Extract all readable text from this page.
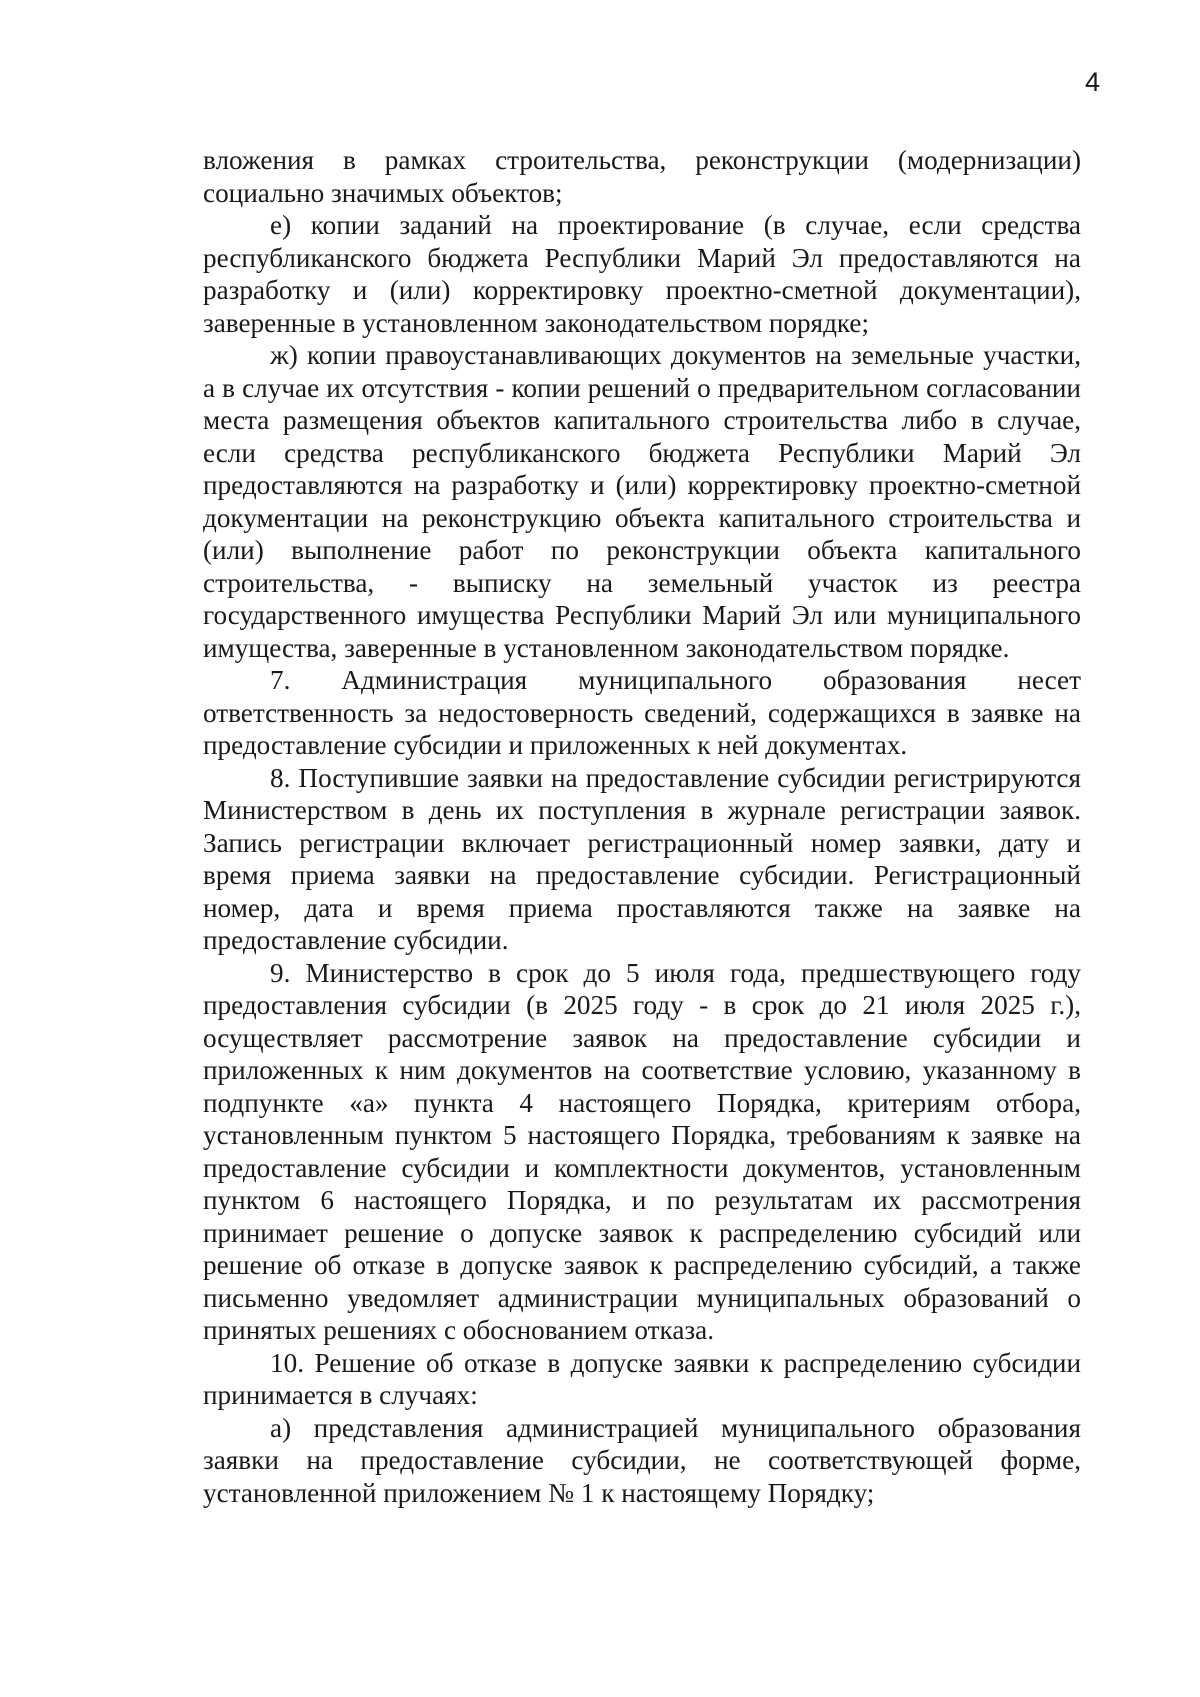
4

вложения в рамках строительства, реконструкции (модернизации) социально значимых объектов;

е) копии заданий на проектирование (в случае, если средства республиканского бюджета Республики Марий Эл предоставляются на разработку и (или) корректировку проектно-сметной документации), заверенные в установленном законодательством порядке;

ж) копии правоустанавливающих документов на земельные участки, а в случае их отсутствия - копии решений о предварительном согласовании места размещения объектов капитального строительства либо в случае, если средства республиканского бюджета Республики Марий Эл предоставляются на разработку и (или) корректировку проектно-сметной документации на реконструкцию объекта капитального строительства и (или) выполнение работ по реконструкции объекта капитального строительства, - выписку на земельный участок из реестра государственного имущества Республики Марий Эл или муниципального имущества, заверенные в установленном законодательством порядке.

7. Администрация муниципального образования несет ответственность за недостоверность сведений, содержащихся в заявке на предоставление субсидии и приложенных к ней документах.

8. Поступившие заявки на предоставление субсидии регистрируются Министерством в день их поступления в журнале регистрации заявок. Запись регистрации включает регистрационный номер заявки, дату и время приема заявки на предоставление субсидии. Регистрационный номер, дата и время приема проставляются также на заявке на предоставление субсидии.

9. Министерство в срок до 5 июля года, предшествующего году предоставления субсидии (в 2025 году - в срок до 21 июля 2025 г.), осуществляет рассмотрение заявок на предоставление субсидии и приложенных к ним документов на соответствие условию, указанному в подпункте «а» пункта 4 настоящего Порядка, критериям отбора, установленным пунктом 5 настоящего Порядка, требованиям к заявке на предоставление субсидии и комплектности документов, установленным пунктом 6 настоящего Порядка, и по результатам их рассмотрения принимает решение о допуске заявок к распределению субсидий или решение об отказе в допуске заявок к распределению субсидий, а также письменно уведомляет администрации муниципальных образований о принятых решениях с обоснованием отказа.

10. Решение об отказе в допуске заявки к распределению субсидии принимается в случаях:

а) представления администрацией муниципального образования заявки на предоставление субсидии, не соответствующей форме, установленной приложением № 1 к настоящему Порядку;
